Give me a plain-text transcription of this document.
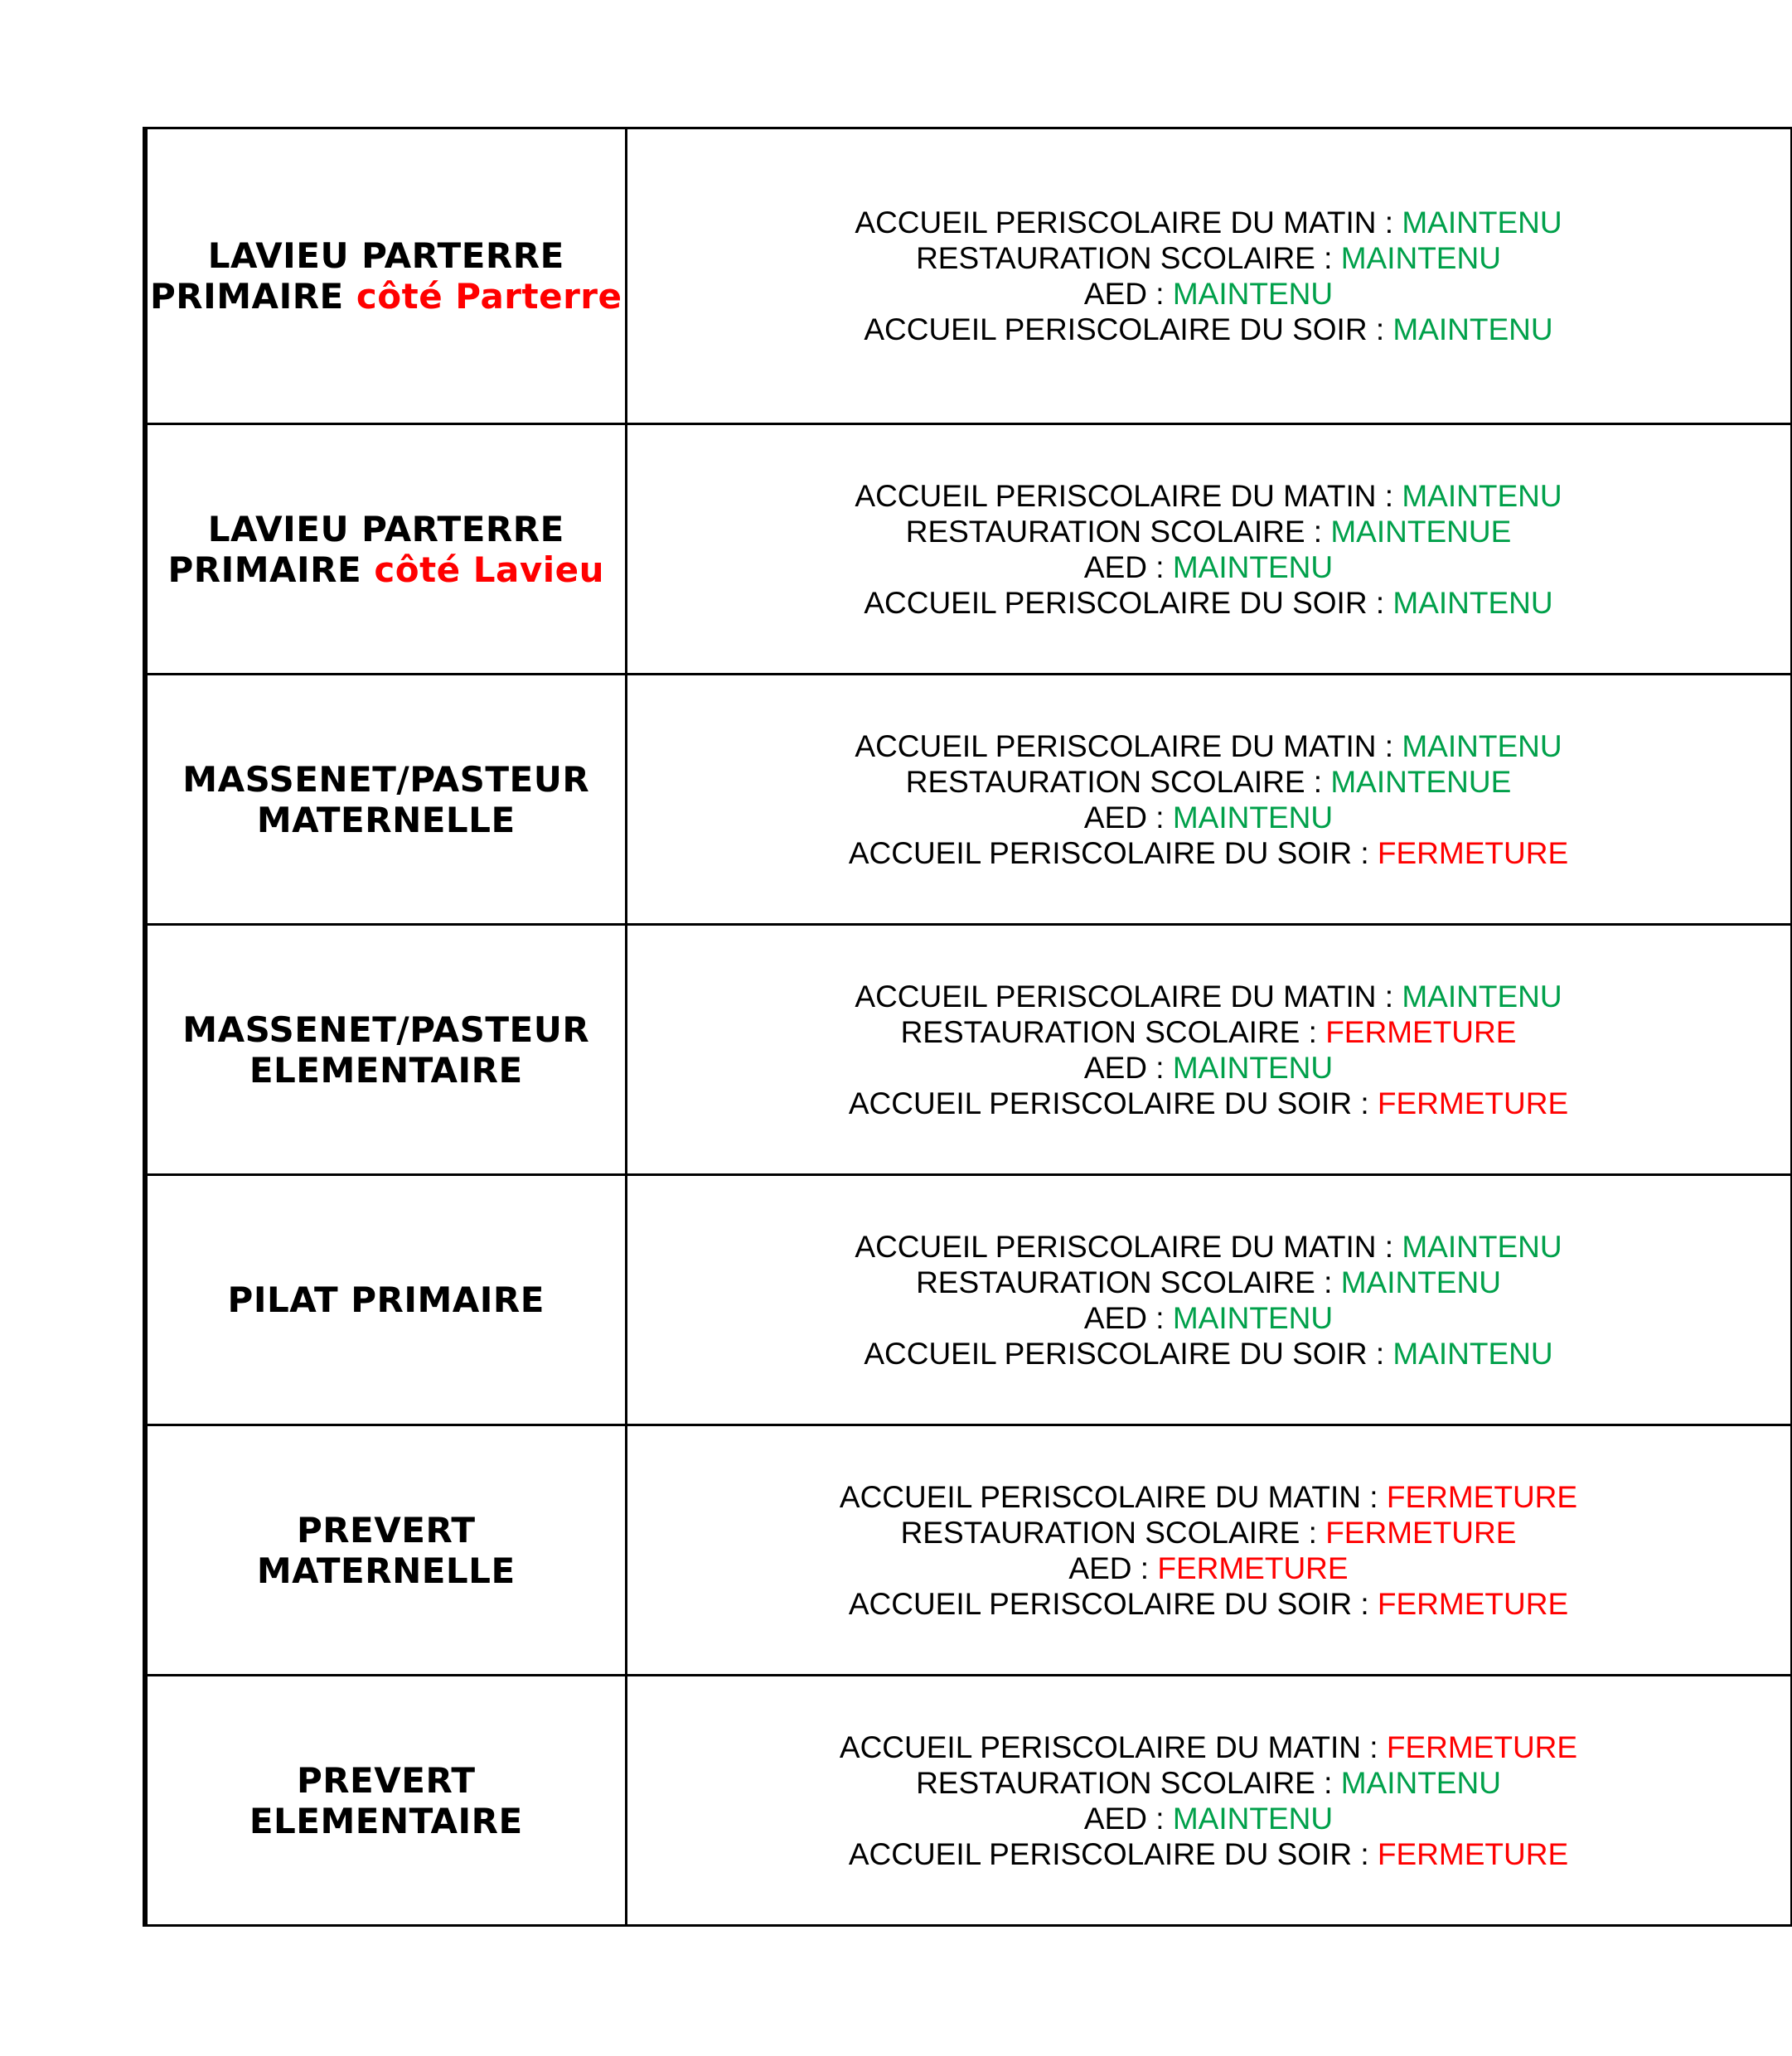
LAVIEU PARTERRE
PRIMAIRE côté Parterre	ACCUEIL PERISCOLAIRE DU MATIN : MAINTENU
RESTAURATION SCOLAIRE : MAINTENU
AED : MAINTENU
ACCUEIL PERISCOLAIRE DU SOIR : MAINTENU

LAVIEU PARTERRE
PRIMAIRE côté Lavieu	ACCUEIL PERISCOLAIRE DU MATIN : MAINTENU
RESTAURATION SCOLAIRE : MAINTENUE
AED : MAINTENU
ACCUEIL PERISCOLAIRE DU SOIR : MAINTENU

MASSENET/PASTEUR
MATERNELLE	ACCUEIL PERISCOLAIRE DU MATIN : MAINTENU
RESTAURATION SCOLAIRE : MAINTENUE
AED : MAINTENU
ACCUEIL PERISCOLAIRE DU SOIR : FERMETURE

MASSENET/PASTEUR
ELEMENTAIRE	ACCUEIL PERISCOLAIRE DU MATIN : MAINTENU
RESTAURATION SCOLAIRE : FERMETURE
AED : MAINTENU
ACCUEIL PERISCOLAIRE DU SOIR : FERMETURE

PILAT PRIMAIRE	ACCUEIL PERISCOLAIRE DU MATIN : MAINTENU
RESTAURATION SCOLAIRE : MAINTENU
AED : MAINTENU
ACCUEIL PERISCOLAIRE DU SOIR : MAINTENU

PREVERT
MATERNELLE	ACCUEIL PERISCOLAIRE DU MATIN : FERMETURE
RESTAURATION SCOLAIRE : FERMETURE
AED : FERMETURE
ACCUEIL PERISCOLAIRE DU SOIR : FERMETURE

PREVERT
ELEMENTAIRE	ACCUEIL PERISCOLAIRE DU MATIN : FERMETURE
RESTAURATION SCOLAIRE : MAINTENU
AED : MAINTENU
ACCUEIL PERISCOLAIRE DU SOIR : FERMETURE
